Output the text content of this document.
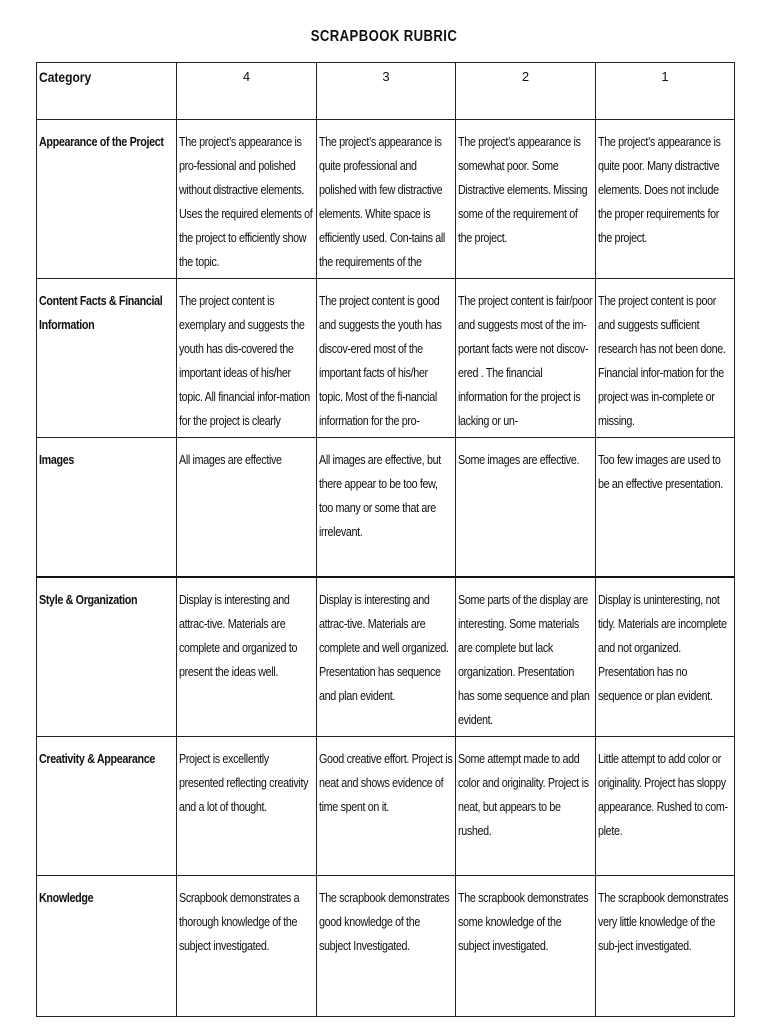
SCRAPBOOK RUBRIC
Category	4	3	2	1

Appearance of the Project	The project’s appearance is pro-fessional and polished without distractive elements. Uses the required elements of the project to efficiently show the topic.	The project’s appearance is quite professional and polished with few distractive elements. White space is efficiently used. Con-tains all the requirements of the	The project’s appearance is somewhat poor. Some Distractive elements. Missing some of the requirement of the project.	The project’s appearance is quite poor. Many distractive elements. Does not include the proper requirements for the project.

Content Facts & Financial Information	The project content is exemplary and suggests the youth has dis-covered the important ideas of his/her topic. All financial infor-mation for the project is clearly	The project content is good and suggests the youth has discov-ered most of the important facts of his/her topic. Most of the fi-nancial information for the pro-	The project content is fair/poor and suggests most of the im-portant facts were not discov-ered . The financial information for the project is lacking or un-	The project content is poor and suggests sufficient research has not been done. Financial infor-mation for the project was in-complete or missing.

Images	All images are effective	All images are effective, but there appear to be too few, too many or some that are irrelevant.	Some images are effective.	Too few images are used to be an effective presentation.

Style & Organization	Display is interesting and attrac-tive. Materials are complete and organized to present the ideas well.	Display is interesting and attrac-tive. Materials are complete and well organized. Presentation has sequence and plan evident.	Some parts of the display are interesting. Some materials are complete but lack organization. Presentation has some sequence and plan evident.	Display is uninteresting, not tidy. Materials are incomplete and not organized. Presentation has no sequence or plan evident.

Creativity & Appearance	Project is excellently presented reflecting creativity and a lot of thought.	Good creative effort. Project is neat and shows evidence of time spent on it.	Some attempt made to add color and originality. Project is neat, but appears to be rushed.	Little attempt to add color or originality. Project has sloppy appearance. Rushed to com-plete.

Knowledge	Scrapbook demonstrates a thorough knowledge of the subject investigated.	The scrapbook demonstrates good knowledge of the subject Investigated.	The scrapbook demonstrates some knowledge of the subject investigated.	The scrapbook demonstrates very little knowledge of the sub-ject investigated.
